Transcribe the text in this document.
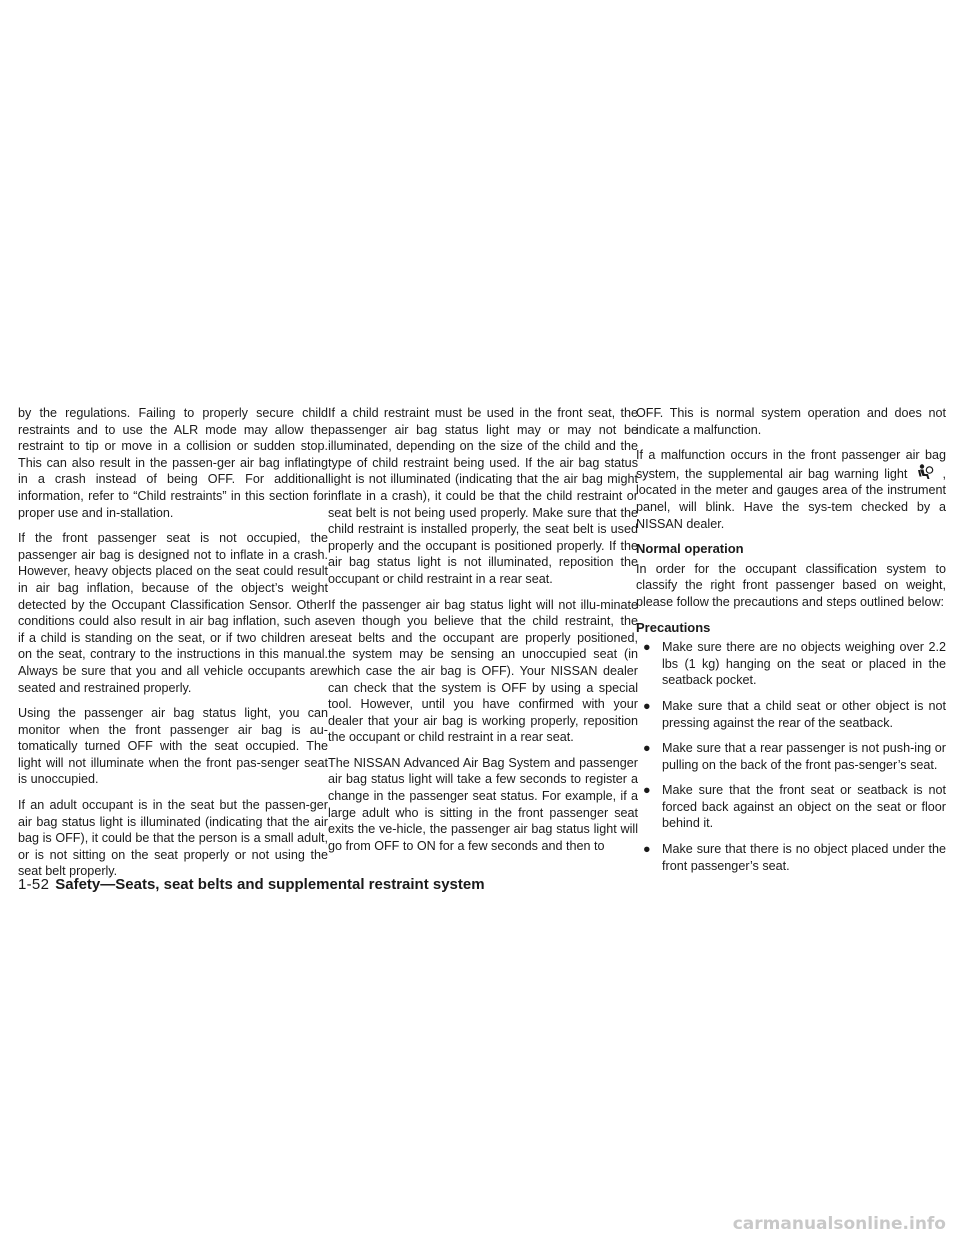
by the regulations. Failing to properly secure child restraints and to use the ALR mode may allow the restraint to tip or move in a collision or sudden stop. This can also result in the passen-ger air bag inflating in a crash instead of being OFF. For additional information, refer to “Child restraints” in this section for proper use and in-stallation.

If the front passenger seat is not occupied, the passenger air bag is designed not to inflate in a crash. However, heavy objects placed on the seat could result in air bag inflation, because of the object’s weight detected by the Occupant Classification Sensor. Other conditions could also result in air bag inflation, such as if a child is standing on the seat, or if two children are on the seat, contrary to the instructions in this manual. Always be sure that you and all vehicle occupants are seated and restrained properly.

Using the passenger air bag status light, you can monitor when the front passenger air bag is au-tomatically turned OFF with the seat occupied. The light will not illuminate when the front pas-senger seat is unoccupied.

If an adult occupant is in the seat but the passen-ger air bag status light is illuminated (indicating that the air bag is OFF), it could be that the person is a small adult, or is not sitting on the seat properly or not using the seat belt properly.

If a child restraint must be used in the front seat, the passenger air bag status light may or may not be illuminated, depending on the size of the child and the type of child restraint being used. If the air bag status light is not illuminated (indicating that the air bag might inflate in a crash), it could be that the child restraint or seat belt is not being used properly. Make sure that the child restraint is installed properly, the seat belt is used properly and the occupant is positioned properly. If the air bag status light is not illuminated, reposition the occupant or child restraint in a rear seat.

If the passenger air bag status light will not illu-minate even though you believe that the child restraint, the seat belts and the occupant are properly positioned, the system may be sensing an unoccupied seat (in which case the air bag is OFF). Your NISSAN dealer can check that the system is OFF by using a special tool. However, until you have confirmed with your dealer that your air bag is working properly, reposition the occupant or child restraint in a rear seat.

The NISSAN Advanced Air Bag System and passenger air bag status light will take a few seconds to register a change in the passenger seat status. For example, if a large adult who is sitting in the front passenger seat exits the ve-hicle, the passenger air bag status light will go from OFF to ON for a few seconds and then to

OFF. This is normal system operation and does not indicate a malfunction.

If a malfunction occurs in the front passenger air bag system, the supplemental air bag warning light	, located in the meter and gauges area of the instrument panel, will blink. Have the sys-tem checked by a NISSAN dealer.

Normal operation

In order for the occupant classification system to classify the right front passenger based on weight, please follow the precautions and steps outlined below:

Precautions
● Make sure there are no objects weighing over 2.2 lbs (1 kg) hanging on the seat or placed in the seatback pocket.
● Make sure that a child seat or other object is not pressing against the rear of the seatback.
● Make sure that a rear passenger is not push-ing or pulling on the back of the front pas-senger’s seat.
● Make sure that the front seat or seatback is not forced back against an object on the seat or floor behind it.
● Make sure that there is no object placed under the front passenger’s seat.
1-52 Safety—Seats, seat belts and supplemental restraint system
carmanualsonline.info
